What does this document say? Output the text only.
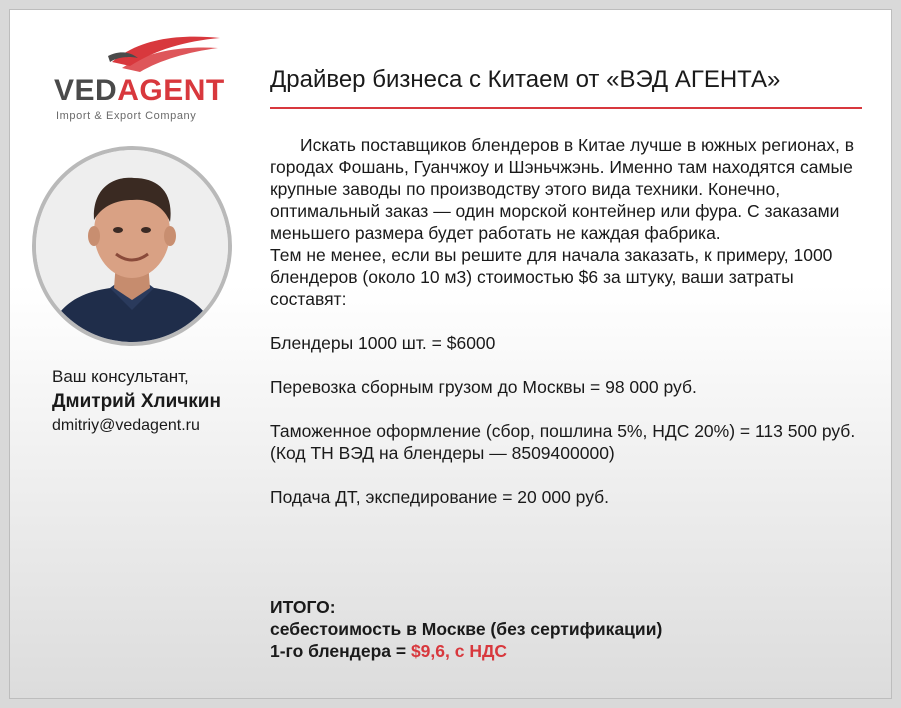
VEDAGENT
Import & Export Company
Драйвер бизнеса с Китаем от «ВЭД АГЕНТА»
Ваш консультант,
Дмитрий Хличкин
dmitriy@vedagent.ru

Искать поставщиков блендеров в Китае лучше в южных регионах, в городах Фошань, Гуанчжоу и Шэньчжэнь. Именно там находятся самые крупные заводы по производству этого вида техники. Конечно, оптимальный заказ — один морской контейнер или фура. С заказами меньшего размера будет работать не каждая фабрика.

Тем не менее, если вы решите для начала заказать, к примеру, 1000 блендеров (около 10 м3) стоимостью $6 за штуку, ваши затраты составят:

Блендеры 1000 шт. = $6000

Перевозка сборным грузом до Москвы = 98 000 руб.

Таможенное оформление (сбор, пошлина 5%, НДС 20%) = 113 500 руб. (Код ТН ВЭД на блендеры — 8509400000)

Подача ДТ, экспедирование = 20 000 руб.

ИТОГО:
себестоимость в Москве (без сертификации)
1-го блендера = $9,6, с НДС
